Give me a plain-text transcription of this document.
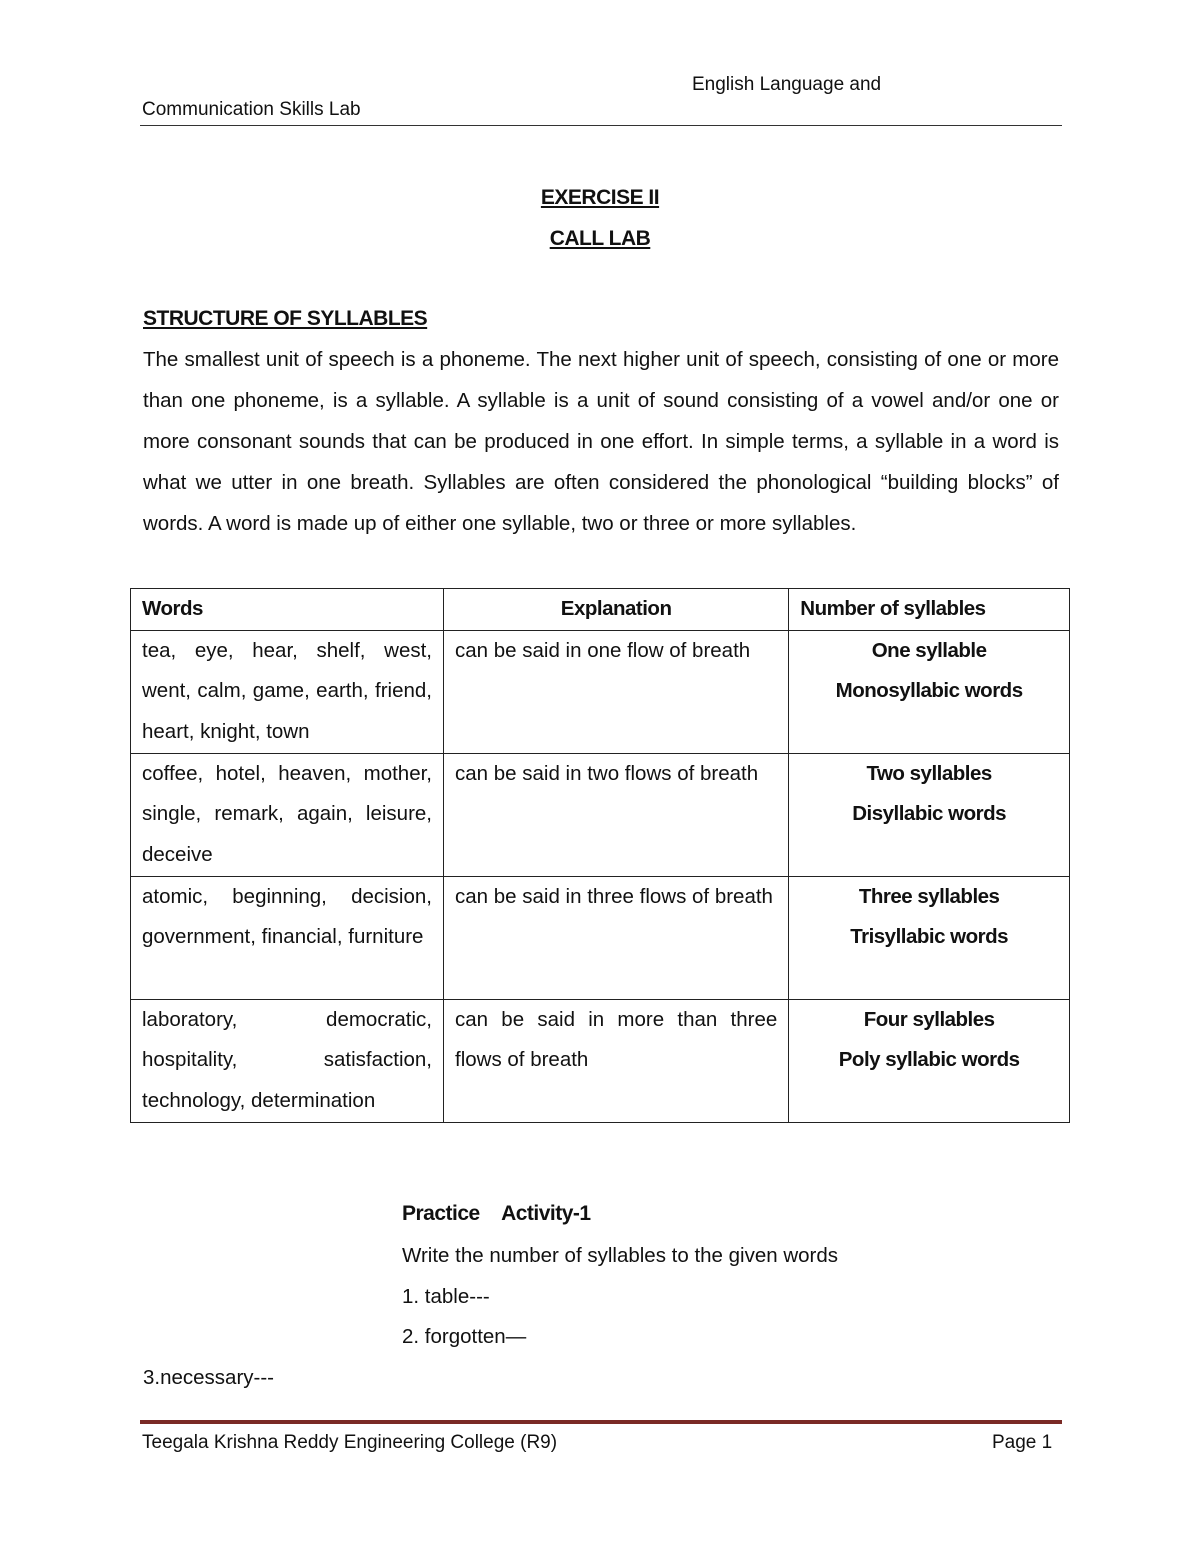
English Language and
Communication Skills Lab
EXERCISE II
CALL LAB
STRUCTURE OF SYLLABLES
The smallest unit of speech is a phoneme. The next higher unit of speech, consisting of one or more than one phoneme, is a syllable. A syllable is a unit of sound consisting of a vowel and/or one or more consonant sounds that can be produced in one effort. In simple terms, a syllable in a word is what we utter in one breath. Syllables are often considered the phonological “building blocks” of words. A word is made up of either one syllable, two or three or more syllables.
Words	Explanation	Number of syllables
tea, eye, hear, shelf, west, went, calm, game, earth, friend, heart, knight, town	can be said in one flow of breath	One syllable
Monosyllabic words

coffee, hotel, heaven, mother, single, remark, again, leisure, deceive	can be said in two flows of breath	Two syllables
Disyllabic words

atomic, beginning, decision, government, financial, furniture	can be said in three flows of breath	Three syllables
Trisyllabic words

laboratory, democratic, hospitality, satisfaction, technology, determination	can be said in more than three flows of breath	Four syllables
Poly syllabic words
Practice Activity-1
Write the number of syllables to the given words
1. table---
2. forgotten—
3.necessary---
Teegala Krishna Reddy Engineering College (R9)	Page 1
